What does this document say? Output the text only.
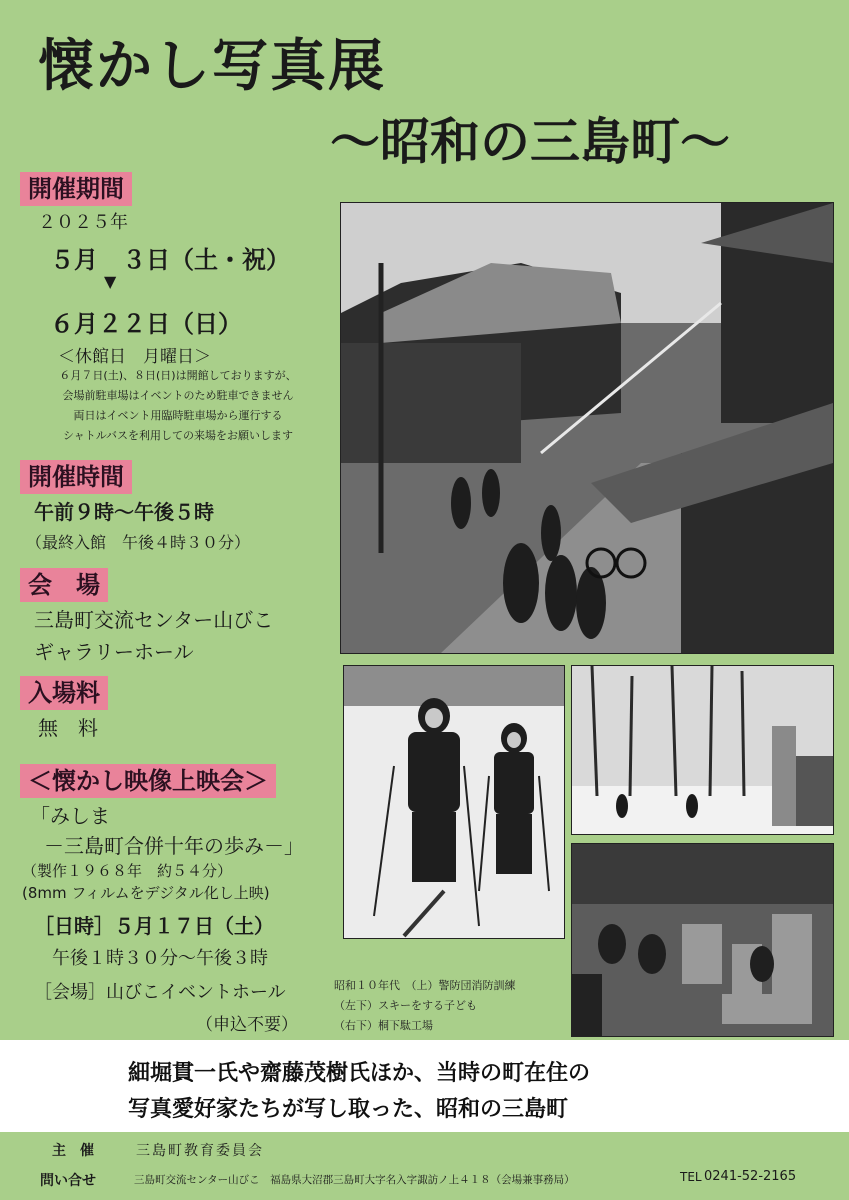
懐かし写真展
～昭和の三島町～
開催期間
２０２５年
５月　３日（土・祝）
▼
６月２２日（日）
＜休館日　月曜日＞
６月７日(土)、８日(日)は開館しておりますが、
会場前駐車場はイベントのため駐車できません
両日はイベント用臨時駐車場から運行する
シャトルバスを利用しての来場をお願いします
開催時間
午前９時～午後５時
（最終入館　午後４時３０分）
会　場
三島町交流センター山びこ
ギャラリーホール
入場料
無　料
＜懐かし映像上映会＞
「みしま
－三島町合併十年の歩み－」
（製作１９６８年　約５４分）
(8mm フィルムをデジタル化し上映)
［日時］５月１７日（土）
午後１時３０分～午後３時
［会場］山びこイベントホール
（申込不要）
昭和１０年代　（上）警防団消防訓練
（左下）スキーをする子ども
（右下）桐下駄工場
細堀貫一氏や齋藤茂樹氏ほか、当時の町在住の
写真愛好家たちが写し取った、昭和の三島町
主　催	三島町教育委員会
問い合せ	三島町交流センター山びこ　福島県大沼郡三島町大字名入字諏訪ノ上４１８（会場兼事務局）	TEL 0241-52-2165
